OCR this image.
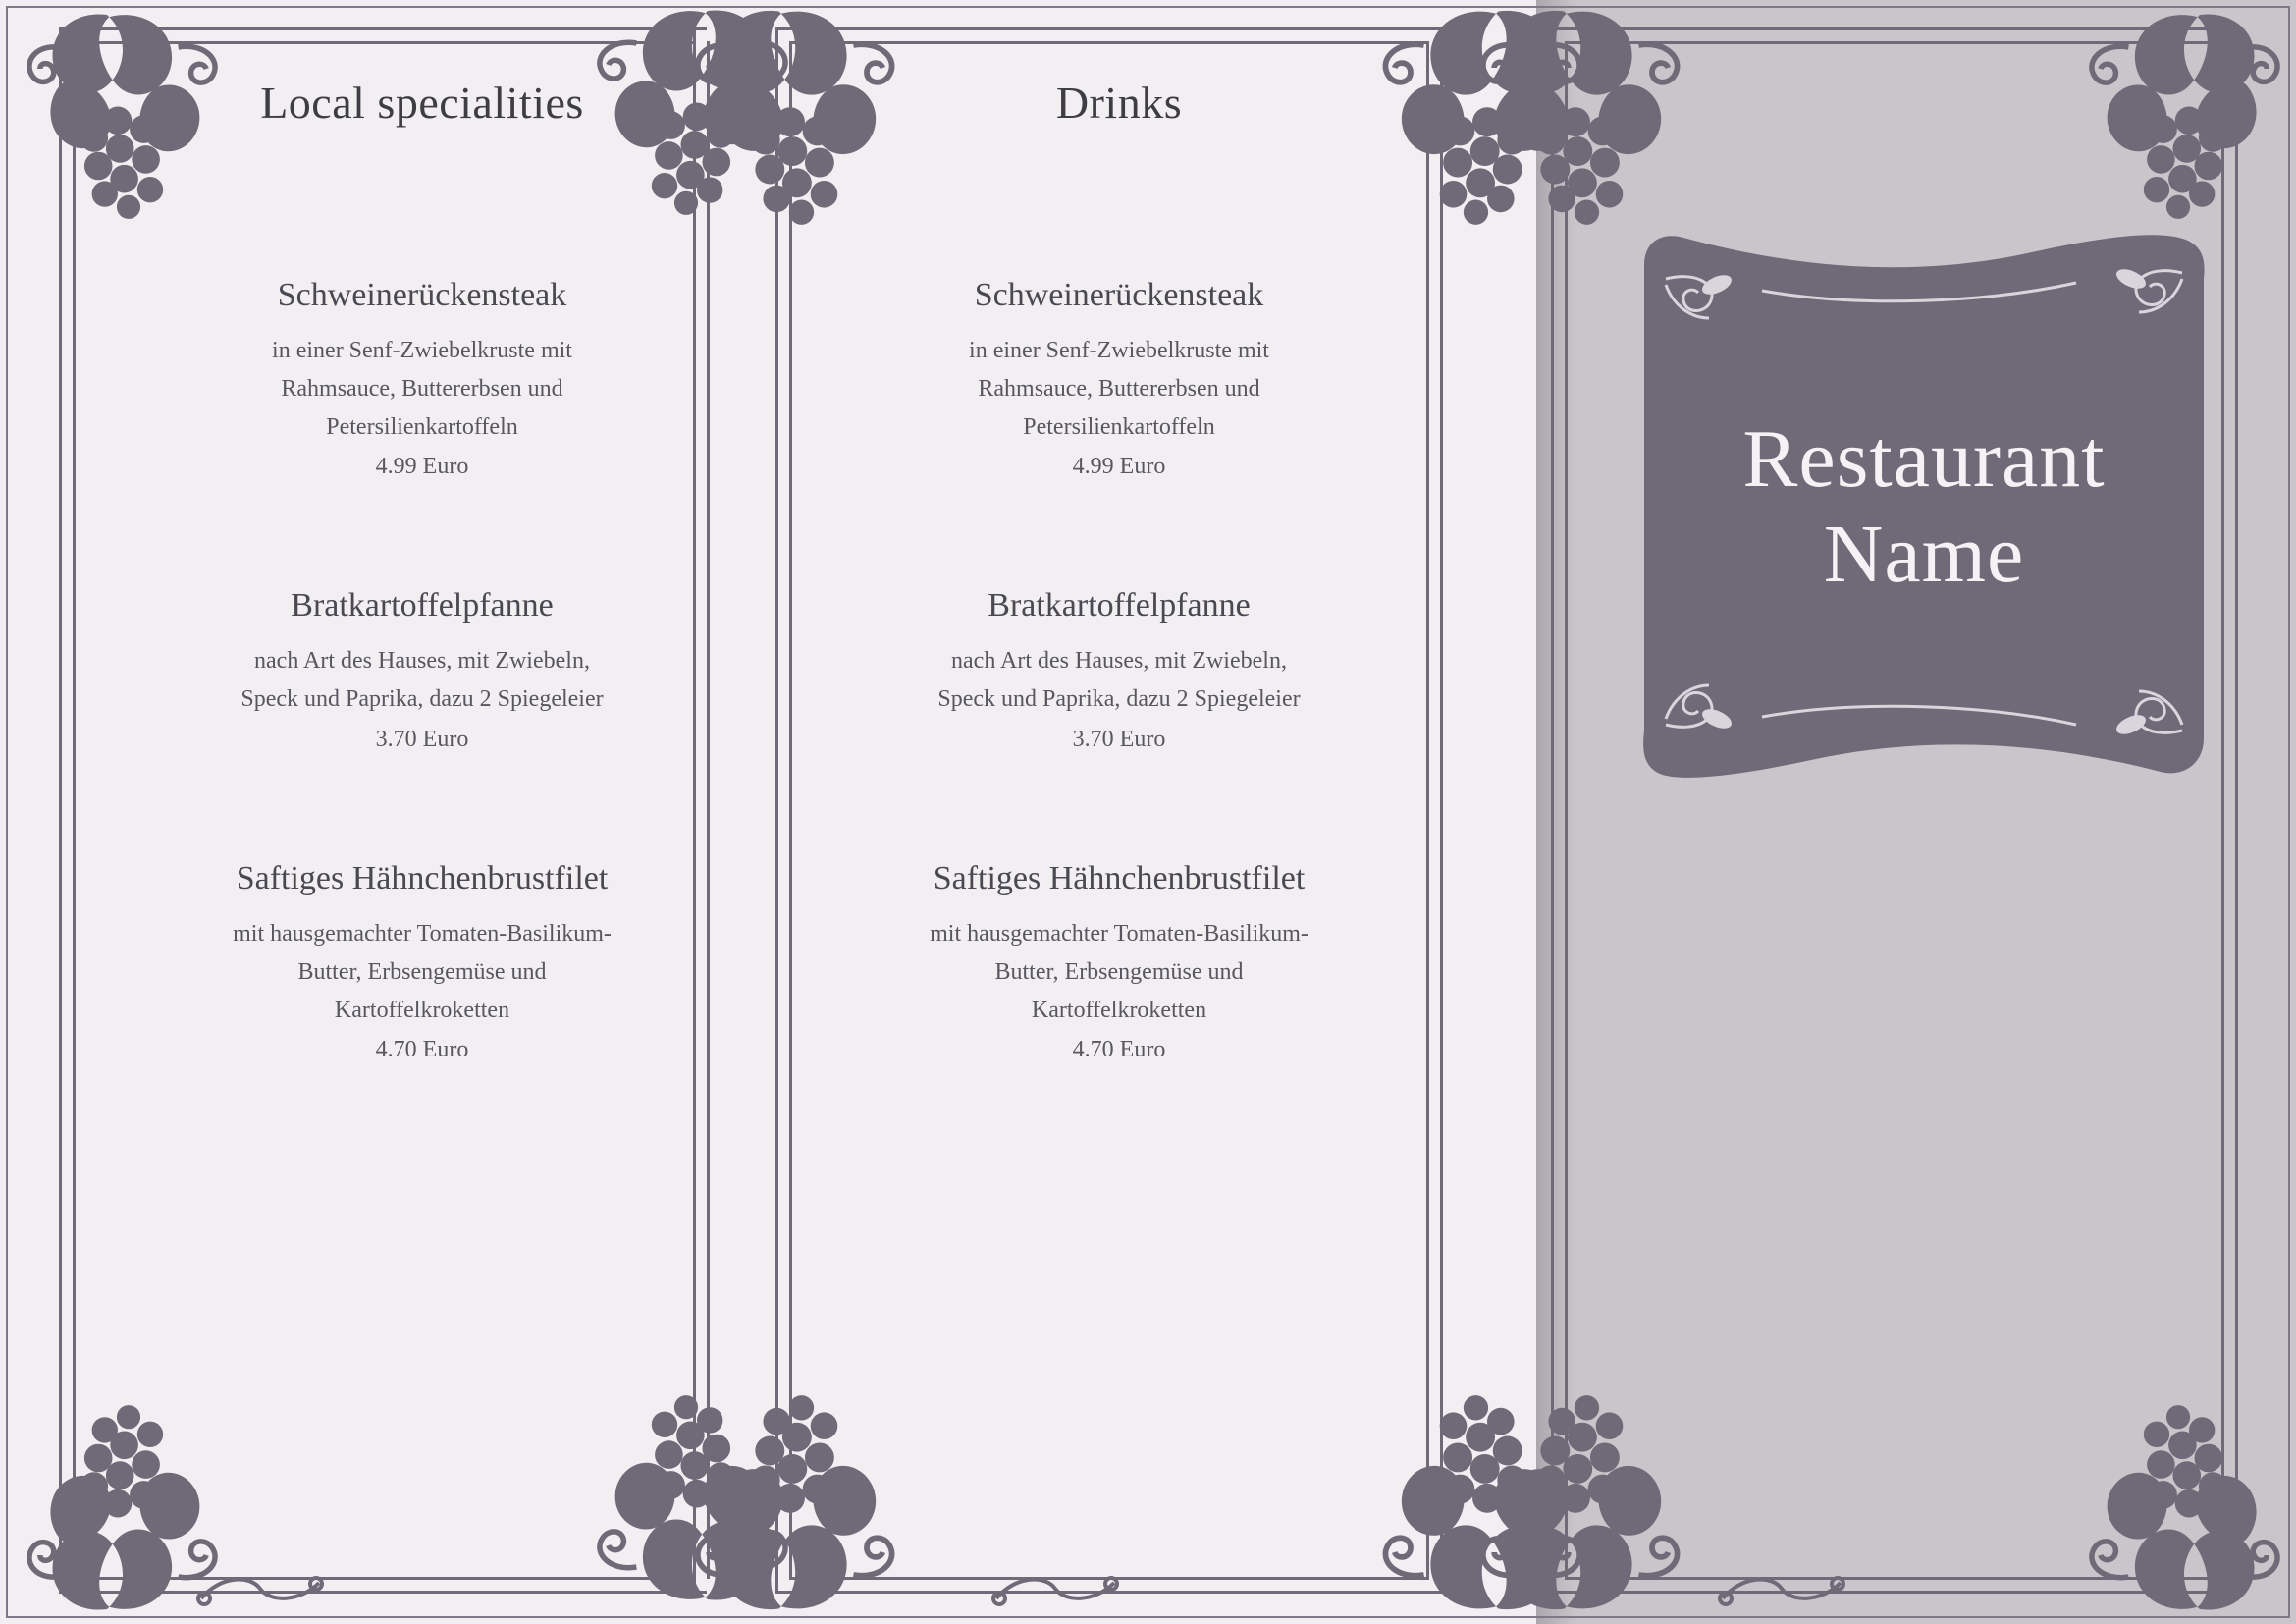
Local specialities
Schweinerückensteak
in einer Senf-Zwiebelkruste mit
Rahmsauce, Buttererbsen und
Petersilienkartoffeln
4.99 Euro
Bratkartoffelpfanne
nach Art des Hauses, mit Zwiebeln,
Speck und Paprika, dazu 2 Spiegeleier
3.70 Euro
Saftiges Hähnchenbrustfilet
mit hausgemachter Tomaten-Basilikum-
Butter, Erbsengemüse und
Kartoffelkroketten
4.70 Euro
Drinks
Schweinerückensteak
in einer Senf-Zwiebelkruste mit
Rahmsauce, Buttererbsen und
Petersilienkartoffeln
4.99 Euro
Bratkartoffelpfanne
nach Art des Hauses, mit Zwiebeln,
Speck und Paprika, dazu 2 Spiegeleier
3.70 Euro
Saftiges Hähnchenbrustfilet
mit hausgemachter Tomaten-Basilikum-
Butter, Erbsengemüse und
Kartoffelkroketten
4.70 Euro
Restaurant
Name
